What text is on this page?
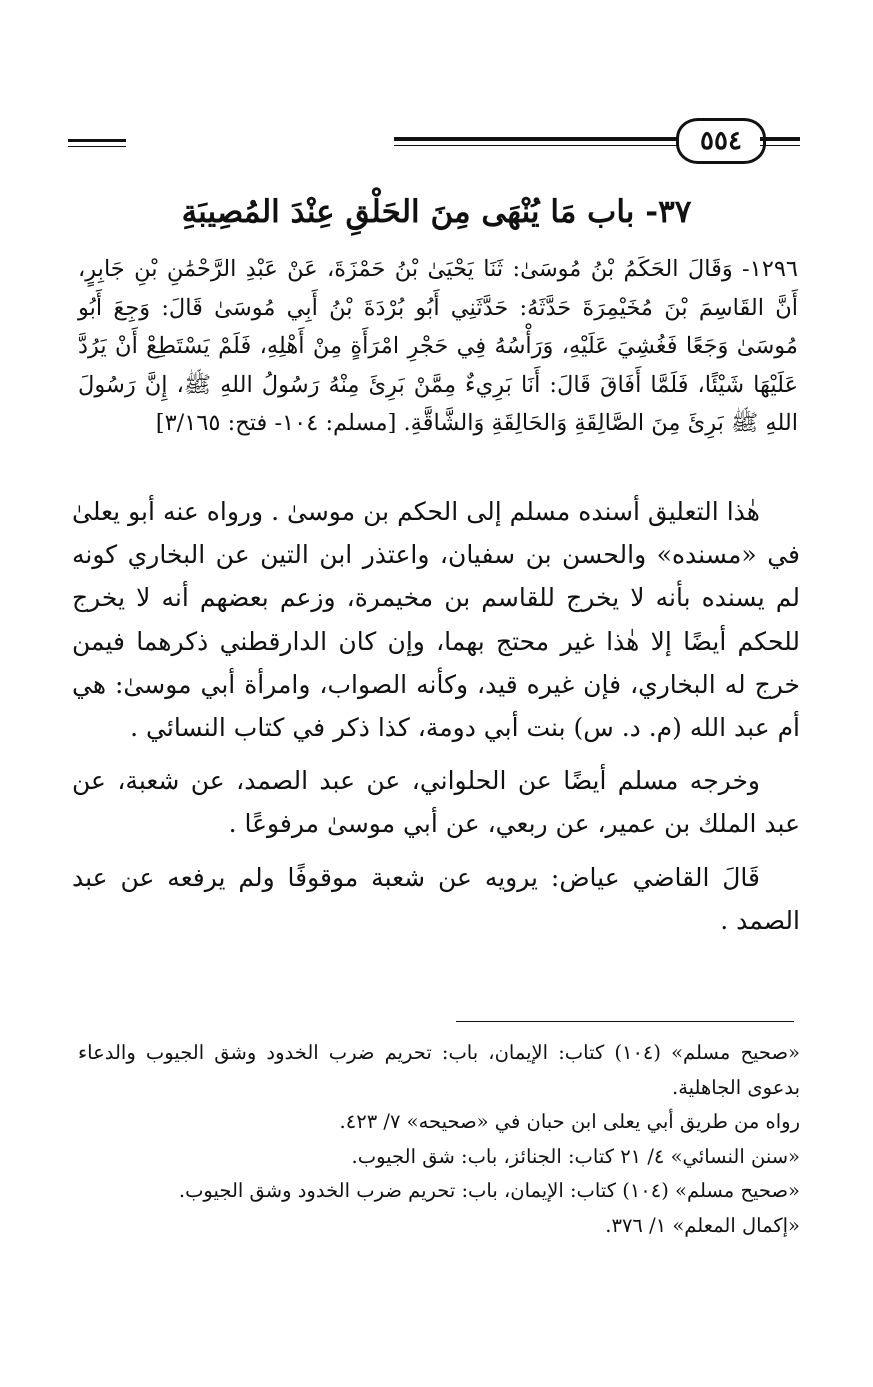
٥٥٤
٣٧- باب مَا يُنْهَى مِنَ الحَلْقِ عِنْدَ المُصِيبَةِ

١٢٩٦- وَقَالَ الحَكَمُ بْنُ مُوسَىٰ: ثَنَا يَحْيَىٰ بْنُ حَمْزَةَ، عَنْ عَبْدِ الرَّحْمَٰنِ بْنِ جَابِرٍ، أَنَّ القَاسِمَ بْنَ مُخَيْمِرَةَ حَدَّثَهُ: حَدَّثَنِي أَبُو بُرْدَةَ بْنُ أَبِي مُوسَىٰ قَالَ: وَجِعَ أَبُو مُوسَىٰ وَجَعًا فَغُشِيَ عَلَيْهِ، وَرَأْسُهُ فِي حَجْرِ امْرَأَةٍ مِنْ أَهْلِهِ، فَلَمْ يَسْتَطِعْ أَنْ يَرُدَّ عَلَيْهَا شَيْئًا، فَلَمَّا أَفَاقَ قَالَ: أَنَا بَرِيءٌ مِمَّنْ بَرِئَ مِنْهُ رَسُولُ اللهِ ﷺ، إِنَّ رَسُولَ اللهِ ﷺ بَرِئَ مِنَ الصَّالِقَةِ وَالحَالِقَةِ وَالشَّاقَّةِ. [مسلم: ١٠٤- فتح: ٣/١٦٥]

هٰذا التعليق أسنده مسلم إلى الحكم بن موسىٰ . ورواه عنه أبو يعلىٰ في «مسنده» والحسن بن سفيان، واعتذر ابن التين عن البخاري كونه لم يسنده بأنه لا يخرج للقاسم بن مخيمرة، وزعم بعضهم أنه لا يخرج للحكم أيضًا إلا هٰذا غير محتج بهما، وإن كان الدارقطني ذكرهما فيمن خرج له البخاري، فإن غيره قيد، وكأنه الصواب، وامرأة أبي موسىٰ: هي أم عبد الله (م. د. س) بنت أبي دومة، كذا ذكر في كتاب النسائي .

وخرجه مسلم أيضًا عن الحلواني، عن عبد الصمد، عن شعبة، عن عبد الملك بن عمير، عن ربعي، عن أبي موسىٰ مرفوعًا .

قَالَ القاضي عياض: يرويه عن شعبة موقوفًا ولم يرفعه عن عبد الصمد .

«صحيح مسلم» (١٠٤) كتاب: الإيمان، باب: تحريم ضرب الخدود وشق الجيوب والدعاء بدعوى الجاهلية.

رواه من طريق أبي يعلى ابن حبان في «صحيحه» ٧/ ٤٢٣.

«سنن النسائي» ٤/ ٢١ كتاب: الجنائز، باب: شق الجيوب.

«صحيح مسلم» (١٠٤) كتاب: الإيمان، باب: تحريم ضرب الخدود وشق الجيوب.

«إكمال المعلم» ١/ ٣٧٦.
